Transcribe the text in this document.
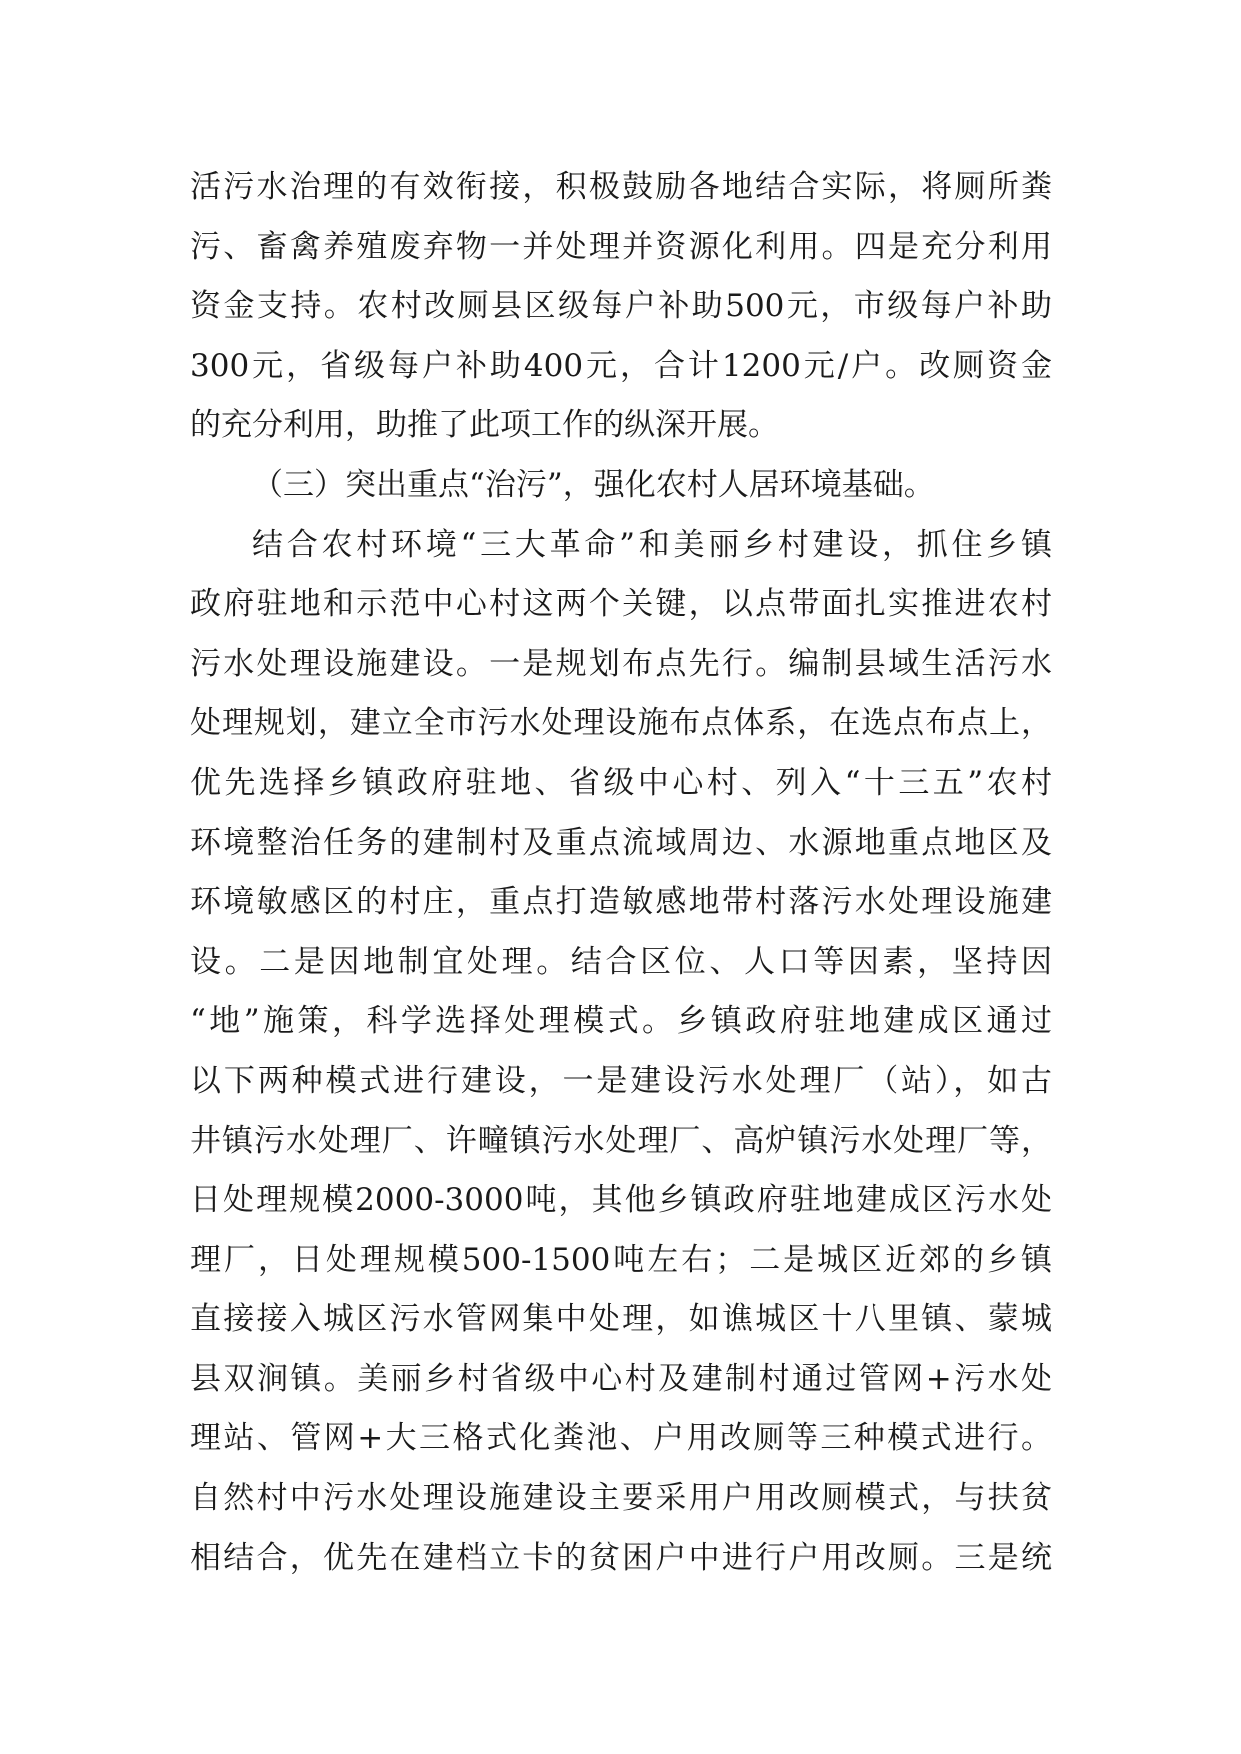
活污水治理的有效衔接，积极鼓励各地结合实际，将厕所粪
污、畜禽养殖废弃物一并处理并资源化利用。四是充分利用
资金支持。农村改厕县区级每户补助500元，市级每户补助
300元，省级每户补助400元，合计1200元/户。改厕资金
的充分利用，助推了此项工作的纵深开展。
（三）突出重点“治污”，强化农村人居环境基础。
结合农村环境“三大革命”和美丽乡村建设，抓住乡镇
政府驻地和示范中心村这两个关键，以点带面扎实推进农村
污水处理设施建设。一是规划布点先行。编制县域生活污水
处理规划，建立全市污水处理设施布点体系，在选点布点上，
优先选择乡镇政府驻地、省级中心村、列入“十三五”农村
环境整治任务的建制村及重点流域周边、水源地重点地区及
环境敏感区的村庄，重点打造敏感地带村落污水处理设施建
设。二是因地制宜处理。结合区位、人口等因素，坚持因
“地”施策，科学选择处理模式。乡镇政府驻地建成区通过
以下两种模式进行建设，一是建设污水处理厂（站），如古
井镇污水处理厂、许疃镇污水处理厂、高炉镇污水处理厂等，
日处理规模2000-3000吨，其他乡镇政府驻地建成区污水处
理厂，日处理规模500-1500吨左右；二是城区近郊的乡镇
直接接入城区污水管网集中处理，如谯城区十八里镇、蒙城
县双涧镇。美丽乡村省级中心村及建制村通过管网+污水处
理站、管网+大三格式化粪池、户用改厕等三种模式进行。
自然村中污水处理设施建设主要采用户用改厕模式，与扶贫
相结合，优先在建档立卡的贫困户中进行户用改厕。三是统
